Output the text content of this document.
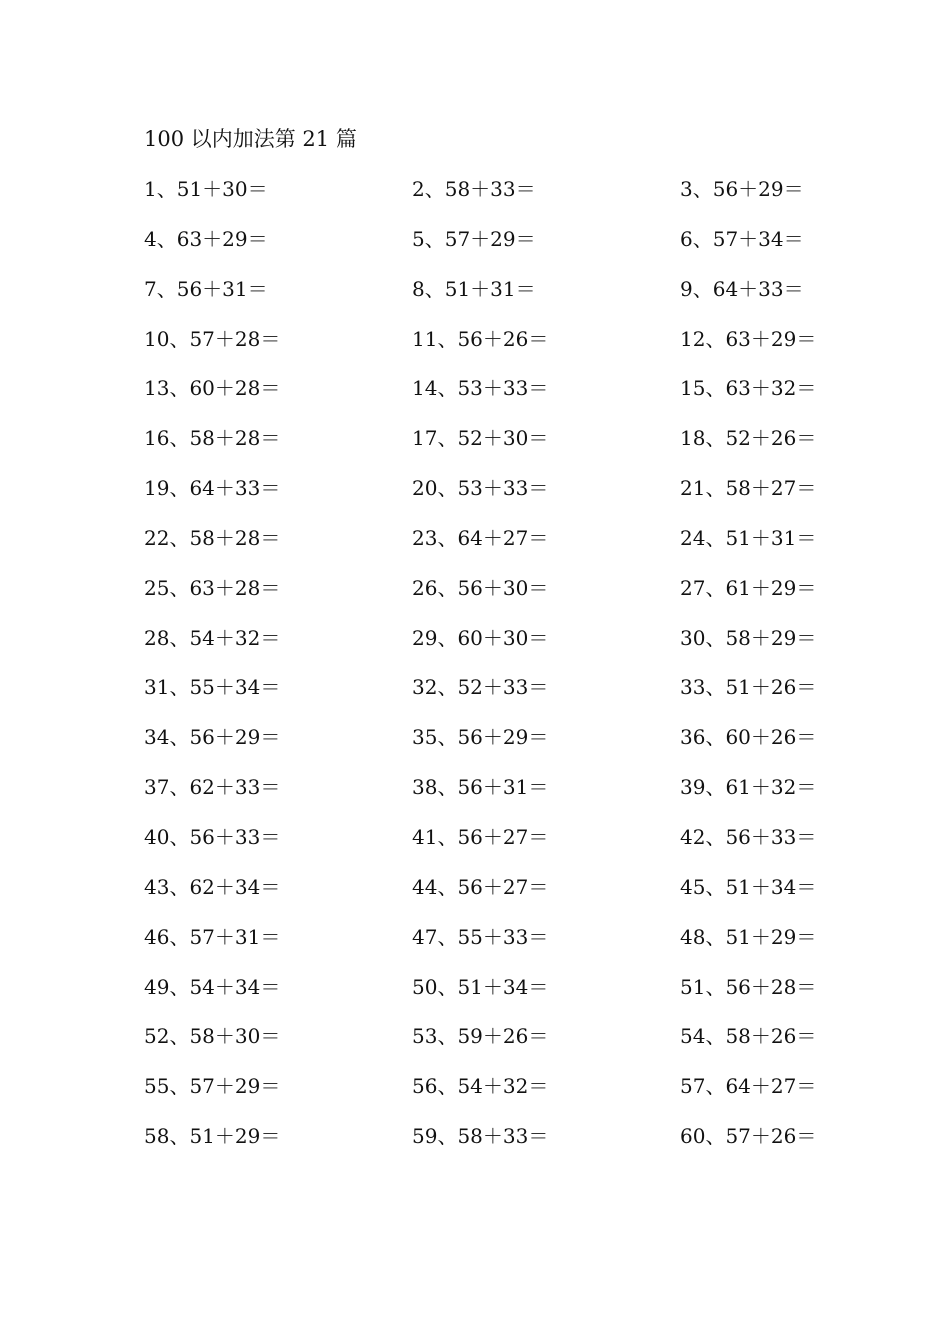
100 以内加法第 21 篇
1、51＋30＝	2、58＋33＝	3、56＋29＝
4、63＋29＝	5、57＋29＝	6、57＋34＝
7、56＋31＝	8、51＋31＝	9、64＋33＝
10、57＋28＝	11、56＋26＝	12、63＋29＝
13、60＋28＝	14、53＋33＝	15、63＋32＝
16、58＋28＝	17、52＋30＝	18、52＋26＝
19、64＋33＝	20、53＋33＝	21、58＋27＝
22、58＋28＝	23、64＋27＝	24、51＋31＝
25、63＋28＝	26、56＋30＝	27、61＋29＝
28、54＋32＝	29、60＋30＝	30、58＋29＝
31、55＋34＝	32、52＋33＝	33、51＋26＝
34、56＋29＝	35、56＋29＝	36、60＋26＝
37、62＋33＝	38、56＋31＝	39、61＋32＝
40、56＋33＝	41、56＋27＝	42、56＋33＝
43、62＋34＝	44、56＋27＝	45、51＋34＝
46、57＋31＝	47、55＋33＝	48、51＋29＝
49、54＋34＝	50、51＋34＝	51、56＋28＝
52、58＋30＝	53、59＋26＝	54、58＋26＝
55、57＋29＝	56、54＋32＝	57、64＋27＝
58、51＋29＝	59、58＋33＝	60、57＋26＝
